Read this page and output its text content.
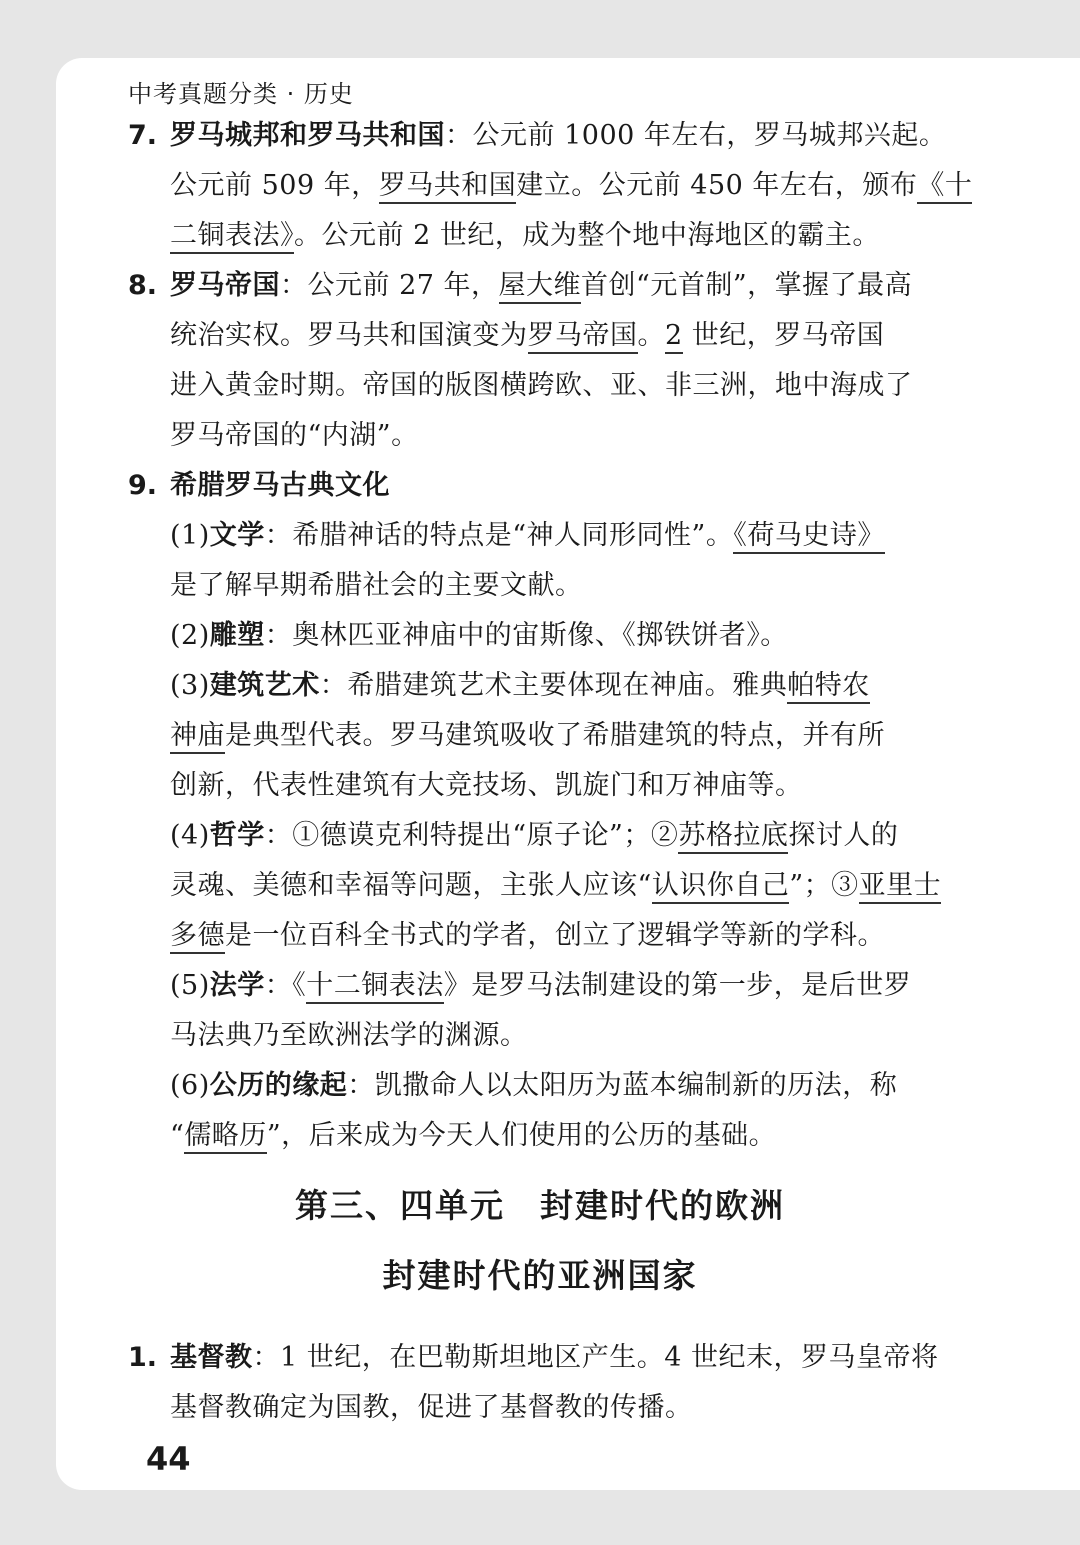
中考真题分类 · 历史
7. 罗马城邦和罗马共和国：公元前 1000 年左右，罗马城邦兴起。
公元前 509 年，罗马共和国建立。公元前 450 年左右，颁布《十
二铜表法》。公元前 2 世纪，成为整个地中海地区的霸主。
8. 罗马帝国：公元前 27 年，屋大维首创“元首制”，掌握了最高
统治实权。罗马共和国演变为罗马帝国。2 世纪，罗马帝国
进入黄金时期。帝国的版图横跨欧、亚、非三洲，地中海成了
罗马帝国的“内湖”。
9. 希腊罗马古典文化
(1)文学：希腊神话的特点是“神人同形同性”。《荷马史诗》
是了解早期希腊社会的主要文献。
(2)雕塑：奥林匹亚神庙中的宙斯像、《掷铁饼者》。
(3)建筑艺术：希腊建筑艺术主要体现在神庙。雅典帕特农
神庙是典型代表。罗马建筑吸收了希腊建筑的特点，并有所
创新，代表性建筑有大竞技场、凯旋门和万神庙等。
(4)哲学：①德谟克利特提出“原子论”；②苏格拉底探讨人的
灵魂、美德和幸福等问题，主张人应该“认识你自己”；③亚里士
多德是一位百科全书式的学者，创立了逻辑学等新的学科。
(5)法学：《十二铜表法》是罗马法制建设的第一步，是后世罗
马法典乃至欧洲法学的渊源。
(6)公历的缘起：凯撒命人以太阳历为蓝本编制新的历法，称
“儒略历”，后来成为今天人们使用的公历的基础。
第三、四单元　封建时代的欧洲
封建时代的亚洲国家
1. 基督教：1 世纪，在巴勒斯坦地区产生。4 世纪末，罗马皇帝将
基督教确定为国教，促进了基督教的传播。
44
